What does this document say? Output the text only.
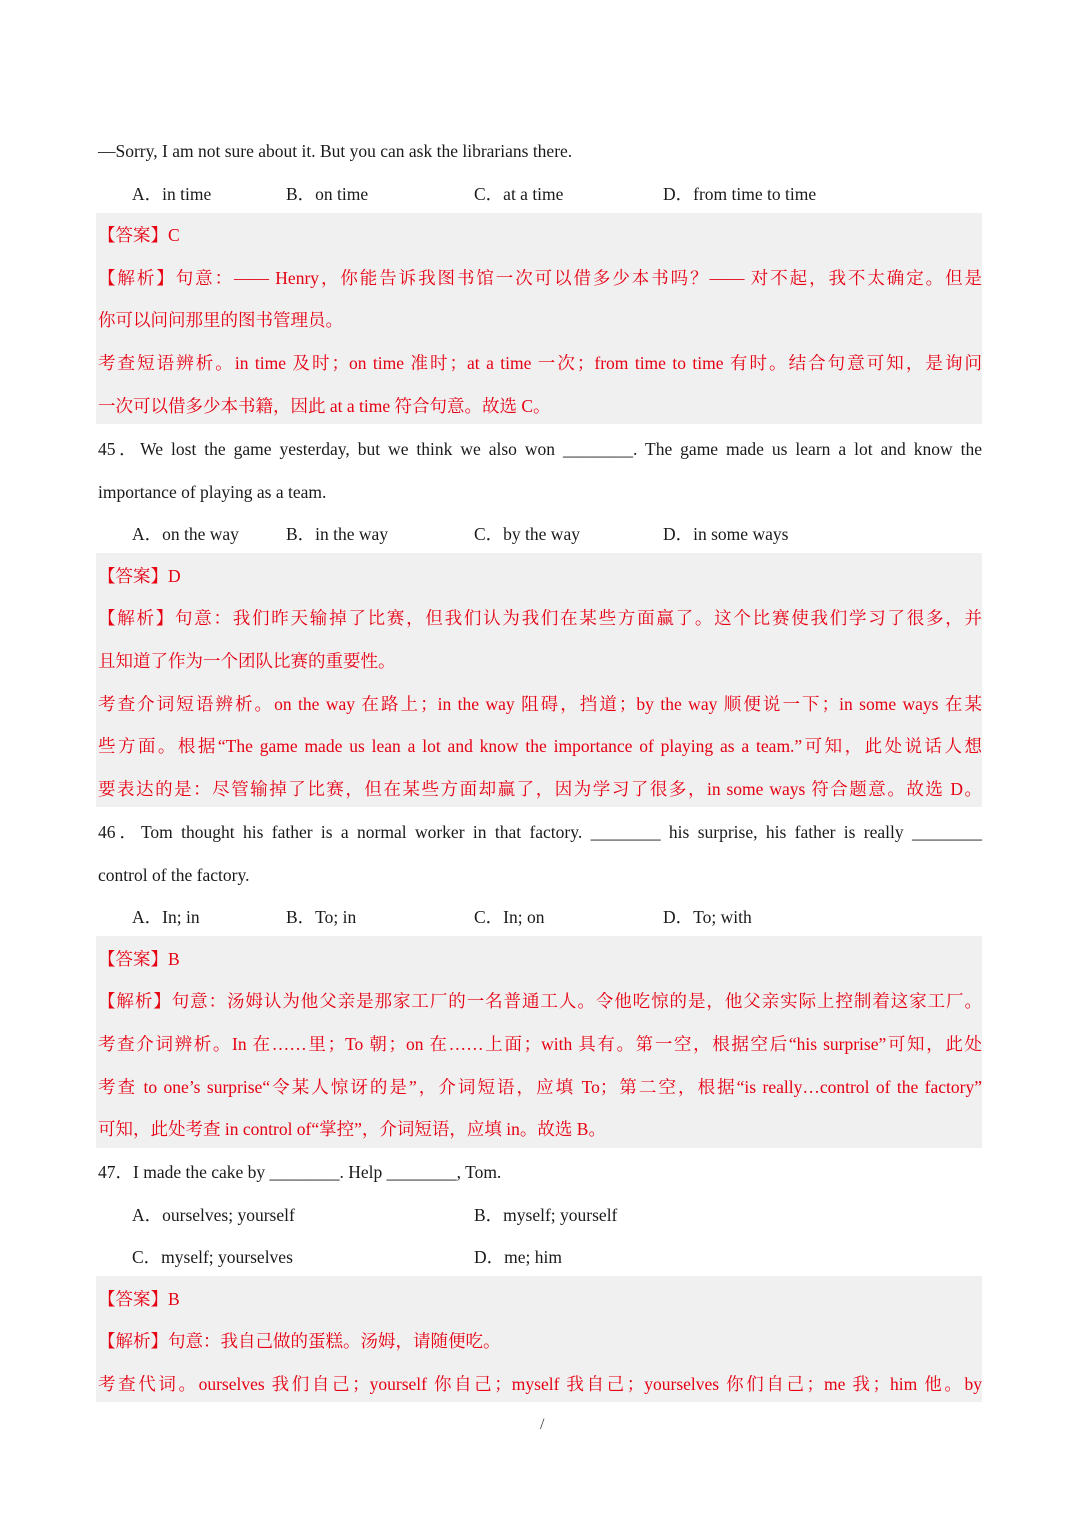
—Sorry, I am not sure about it. But you can ask the librarians there.
A．in time	B．on time	C．at a time	D．from time to time
【答案】C
【解析】句意：—— Henry，你能告诉我图书馆一次可以借多少本书吗？—— 对不起，我不太确定。但是
你可以问问那里的图书管理员。
考查短语辨析。in time 及时；on time 准时；at a time 一次；from time to time 有时。结合句意可知，是询问
一次可以借多少本书籍，因此 at a time 符合句意。故选 C。
45．We lost the game yesterday, but we think we also won ________. The game made us learn a lot and know the
importance of playing as a team.
A．on the way	B．in the way	C．by the way	D．in some ways
【答案】D
【解析】句意：我们昨天输掉了比赛，但我们认为我们在某些方面赢了。这个比赛使我们学习了很多，并
且知道了作为一个团队比赛的重要性。
考查介词短语辨析。on the way 在路上；in the way 阻碍，挡道；by the way 顺便说一下；in some ways 在某
些方面。根据“The game made us lean a lot and know the importance of playing as a team.”可知，此处说话人想
要表达的是：尽管输掉了比赛，但在某些方面却赢了，因为学习了很多，in some ways 符合题意。故选 D。
46．Tom thought his father is a normal worker in that factory. ________ his surprise, his father is really ________
control of the factory.
A．In; in	B．To; in	C．In; on	D．To; with
【答案】B
【解析】句意：汤姆认为他父亲是那家工厂的一名普通工人。令他吃惊的是，他父亲实际上控制着这家工厂。
考查介词辨析。In 在……里；To 朝；on 在……上面；with 具有。第一空，根据空后“his surprise”可知，此处
考查 to one’s surprise“令某人惊讶的是”，介词短语，应填 To；第二空，根据“is really…control of the factory”
可知，此处考查 in control of“掌控”，介词短语，应填 in。故选 B。
47．I made the cake by ________. Help ________, Tom.
A．ourselves; yourself	B．myself; yourself
C．myself; yourselves	D．me; him
【答案】B
【解析】句意：我自己做的蛋糕。汤姆，请随便吃。
考查代词。ourselves 我们自己；yourself 你自己；myself 我自己；yourselves 你们自己；me 我；him 他。by
/
